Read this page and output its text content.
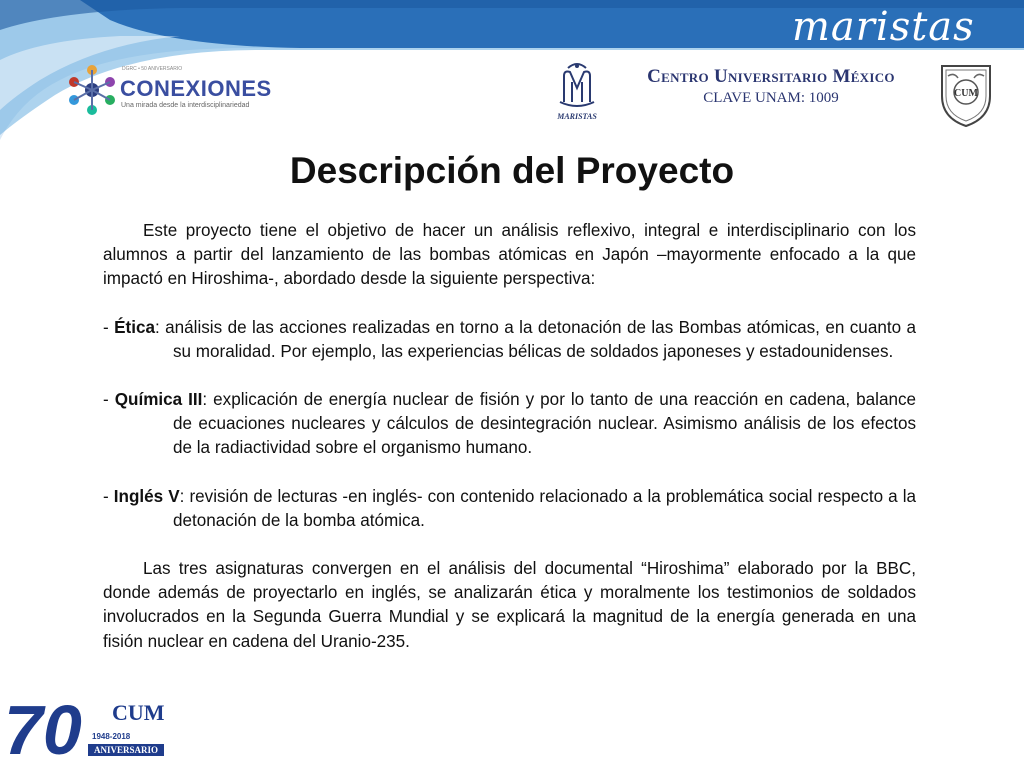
maristas
DGRC • 50 ANIVERSARIO
CONEXIONES
Una mirada desde la interdisciplinariedad
MARISTAS
Centro Universitario México
CLAVE UNAM: 1009	CUM
Descripción del Proyecto

Este proyecto tiene el objetivo de hacer un análisis reflexivo, integral e interdisciplinario con los alumnos a partir del lanzamiento de las bombas atómicas en Japón –mayormente enfocado a la que impactó en Hiroshima-, abordado desde la siguiente perspectiva:

- Ética: análisis de las acciones realizadas en torno a la detonación de las Bombas atómicas, en cuanto a su moralidad. Por ejemplo, las experiencias bélicas de soldados japoneses y estadounidenses.

- Química III: explicación de energía nuclear de fisión y por lo tanto de una reacción en cadena, balance de ecuaciones nucleares y cálculos de desintegración nuclear. Asimismo análisis de los efectos de la radiactividad sobre el organismo humano.

- Inglés V: revisión de lecturas -en inglés- con contenido relacionado a la problemática social respecto a la detonación de la bomba atómica.

Las tres asignaturas convergen en el análisis del documental “Hiroshima” elaborado por la BBC, donde además de proyectarlo en inglés, se analizarán ética y moralmente los testimonios de soldados involucrados en la Segunda Guerra Mundial y se explicará la magnitud de la energía generada en una fisión nuclear en cadena del Uranio-235.

70 CUM
1948-2018
ANIVERSARIO
